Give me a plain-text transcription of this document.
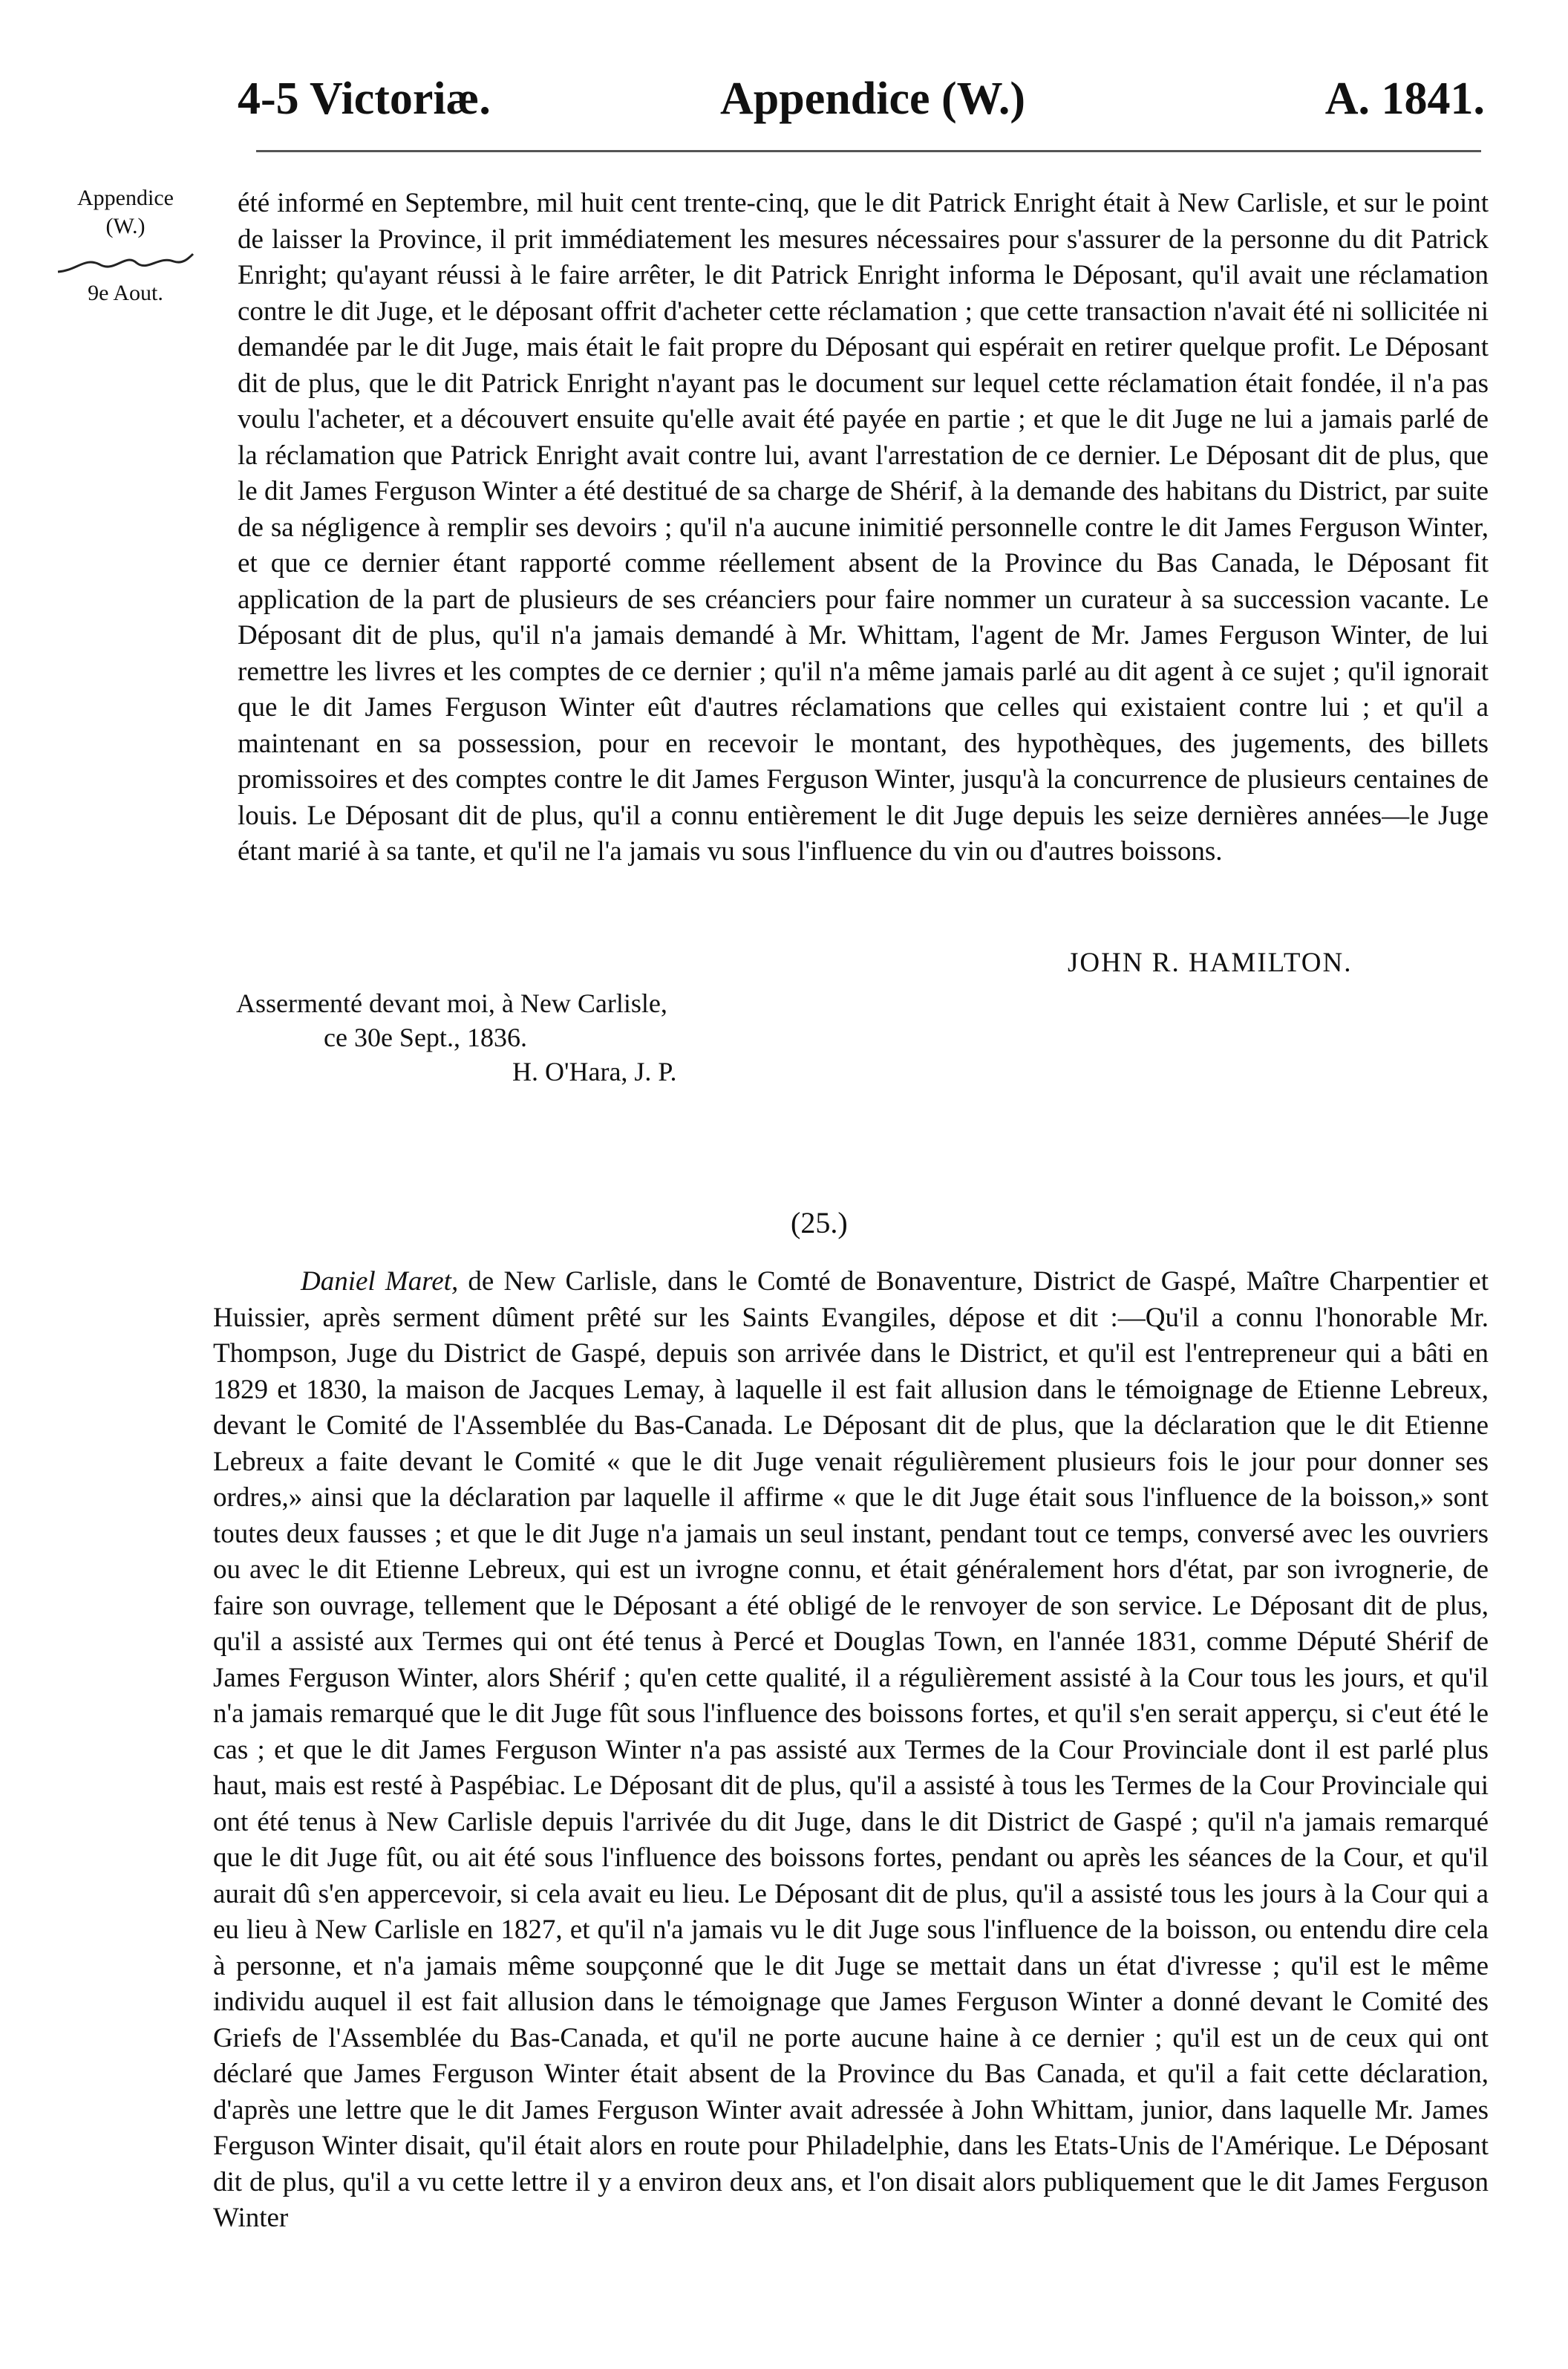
4-5 Victoriæ.	Appendice (W.)	A. 1841.
Appendice
(W.)
9e Aout.
été informé en Septembre, mil huit cent trente-cinq, que le dit Patrick Enright était à New Carlisle, et sur le point de laisser la Province, il prit immédiatement les mesures nécessaires pour s'assurer de la personne du dit Patrick Enright; qu'ayant réussi à le faire arrêter, le dit Patrick Enright informa le Déposant, qu'il avait une réclamation contre le dit Juge, et le déposant offrit d'acheter cette réclamation ; que cette transaction n'avait été ni sollicitée ni demandée par le dit Juge, mais était le fait propre du Déposant qui espérait en retirer quelque profit. Le Déposant dit de plus, que le dit Patrick Enright n'ayant pas le document sur lequel cette réclamation était fondée, il n'a pas voulu l'acheter, et a découvert ensuite qu'elle avait été payée en partie ; et que le dit Juge ne lui a jamais parlé de la réclamation que Patrick Enright avait contre lui, avant l'arrestation de ce dernier. Le Déposant dit de plus, que le dit James Ferguson Winter a été destitué de sa charge de Shérif, à la demande des habitans du District, par suite de sa négligence à remplir ses devoirs ; qu'il n'a aucune inimitié personnelle contre le dit James Ferguson Winter, et que ce dernier étant rapporté comme réellement absent de la Province du Bas Canada, le Déposant fit application de la part de plusieurs de ses créanciers pour faire nommer un curateur à sa succession vacante. Le Déposant dit de plus, qu'il n'a jamais demandé à Mr. Whittam, l'agent de Mr. James Ferguson Winter, de lui remettre les livres et les comptes de ce dernier ; qu'il n'a même jamais parlé au dit agent à ce sujet ; qu'il ignorait que le dit James Ferguson Winter eût d'autres réclamations que celles qui existaient contre lui ; et qu'il a maintenant en sa possession, pour en recevoir le montant, des hypothèques, des jugements, des billets promissoires et des comptes contre le dit James Ferguson Winter, jusqu'à la concurrence de plusieurs centaines de louis. Le Déposant dit de plus, qu'il a connu entièrement le dit Juge depuis les seize dernières années—le Juge étant marié à sa tante, et qu'il ne l'a jamais vu sous l'influence du vin ou d'autres boissons.
JOHN R. HAMILTON.
Assermenté devant moi, à New Carlisle,
ce 30e Sept., 1836.
H. O'Hara, J. P.
(25.)
Daniel Maret, de New Carlisle, dans le Comté de Bonaventure, District de Gaspé, Maître Charpentier et Huissier, après serment dûment prêté sur les Saints Evangiles, dépose et dit :—Qu'il a connu l'honorable Mr. Thompson, Juge du District de Gaspé, depuis son arrivée dans le District, et qu'il est l'entrepreneur qui a bâti en 1829 et 1830, la maison de Jacques Lemay, à laquelle il est fait allusion dans le témoignage de Etienne Lebreux, devant le Comité de l'Assemblée du Bas-Canada. Le Déposant dit de plus, que la déclaration que le dit Etienne Lebreux a faite devant le Comité « que le dit Juge venait régulièrement plusieurs fois le jour pour donner ses ordres,» ainsi que la déclaration par laquelle il affirme « que le dit Juge était sous l'influence de la boisson,» sont toutes deux fausses ; et que le dit Juge n'a jamais un seul instant, pendant tout ce temps, conversé avec les ouvriers ou avec le dit Etienne Lebreux, qui est un ivrogne connu, et était généralement hors d'état, par son ivrognerie, de faire son ouvrage, tellement que le Déposant a été obligé de le renvoyer de son service. Le Déposant dit de plus, qu'il a assisté aux Termes qui ont été tenus à Percé et Douglas Town, en l'année 1831, comme Député Shérif de James Ferguson Winter, alors Shérif ; qu'en cette qualité, il a régulièrement assisté à la Cour tous les jours, et qu'il n'a jamais remarqué que le dit Juge fût sous l'influence des boissons fortes, et qu'il s'en serait apperçu, si c'eut été le cas ; et que le dit James Ferguson Winter n'a pas assisté aux Termes de la Cour Provinciale dont il est parlé plus haut, mais est resté à Paspébiac. Le Déposant dit de plus, qu'il a assisté à tous les Termes de la Cour Provinciale qui ont été tenus à New Carlisle depuis l'arrivée du dit Juge, dans le dit District de Gaspé ; qu'il n'a jamais remarqué que le dit Juge fût, ou ait été sous l'influence des boissons fortes, pendant ou après les séances de la Cour, et qu'il aurait dû s'en appercevoir, si cela avait eu lieu. Le Déposant dit de plus, qu'il a assisté tous les jours à la Cour qui a eu lieu à New Carlisle en 1827, et qu'il n'a jamais vu le dit Juge sous l'influence de la boisson, ou entendu dire cela à personne, et n'a jamais même soupçonné que le dit Juge se mettait dans un état d'ivresse ; qu'il est le même individu auquel il est fait allusion dans le témoignage que James Ferguson Winter a donné devant le Comité des Griefs de l'Assemblée du Bas-Canada, et qu'il ne porte aucune haine à ce dernier ; qu'il est un de ceux qui ont déclaré que James Ferguson Winter était absent de la Province du Bas Canada, et qu'il a fait cette déclaration, d'après une lettre que le dit James Ferguson Winter avait adressée à John Whittam, junior, dans laquelle Mr. James Ferguson Winter disait, qu'il était alors en route pour Philadelphie, dans les Etats-Unis de l'Amérique. Le Déposant dit de plus, qu'il a vu cette lettre il y a environ deux ans, et l'on disait alors publiquement que le dit James Ferguson Winter
